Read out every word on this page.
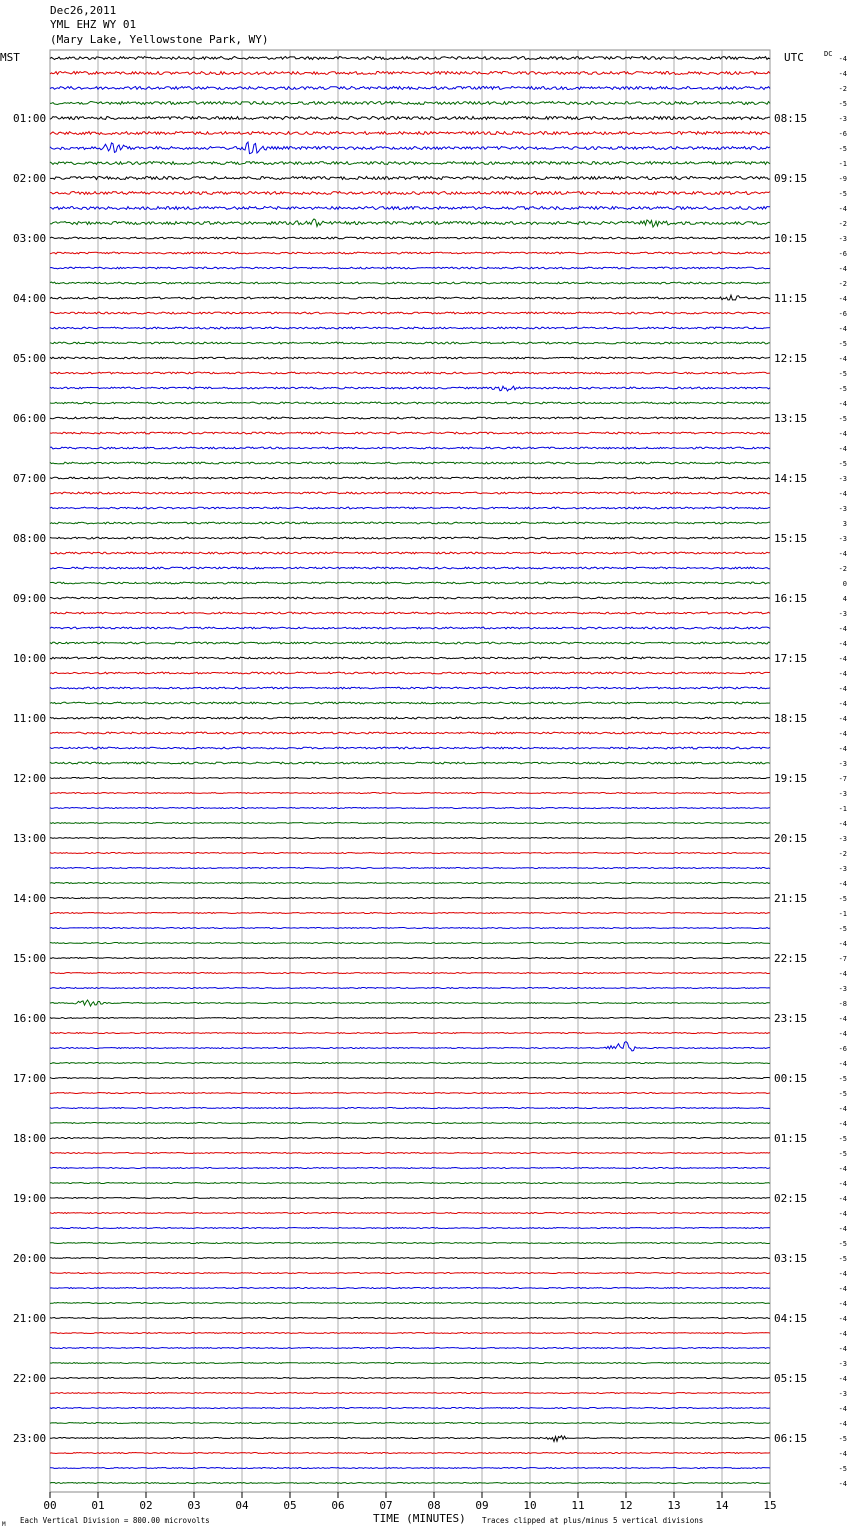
Dec26,2011
YML EHZ WY 01
(Mary Lake, Yellowstone Park, WY)
MST	UTC	DC
00	01	02	03	04	05	06	07	08	09	10	11	12	13	14	15
-4
-4
-2
-5
-3
-6
-5
-1
-9
-5
-4
-2
-3
-6
-4
-2
-4
-6
-4
-5
-4
-5
-5
-4
-5
-4
-4
-5
-3
-4
-3
3
-3
-4
-2
0
4
-3
-4
-4
-4
-4
-4
-4
-4
-4
-4
-3
-7
-3
-1
-4
-3
-2
-3
-4
-5
-1
-5
-4
-7
-4
-3
-8
-4
-4
-6
-4
-5
-5
-4
-4
-5
-5
-4
-4
-4
-4
-4
-5
-5
-4
-4
-4
-4
-4
-4
-3
-4
-3
-4
-4
-5
-4
-5
-4
01:00	08:15
02:00	09:15
03:00	10:15
04:00	11:15
05:00	12:15
06:00	13:15
07:00	14:15
08:00	15:15
09:00	16:15
10:00	17:15
11:00	18:15
12:00	19:15
13:00	20:15
14:00	21:15
15:00	22:15
16:00	23:15
17:00	00:15
18:00	01:15
19:00	02:15
20:00	03:15
21:00	04:15
22:00	05:15
23:00	06:15
TIME (MINUTES)
Each Vertical Division = 800.00 microvolts	Traces clipped at plus/minus 5 vertical divisions
M
